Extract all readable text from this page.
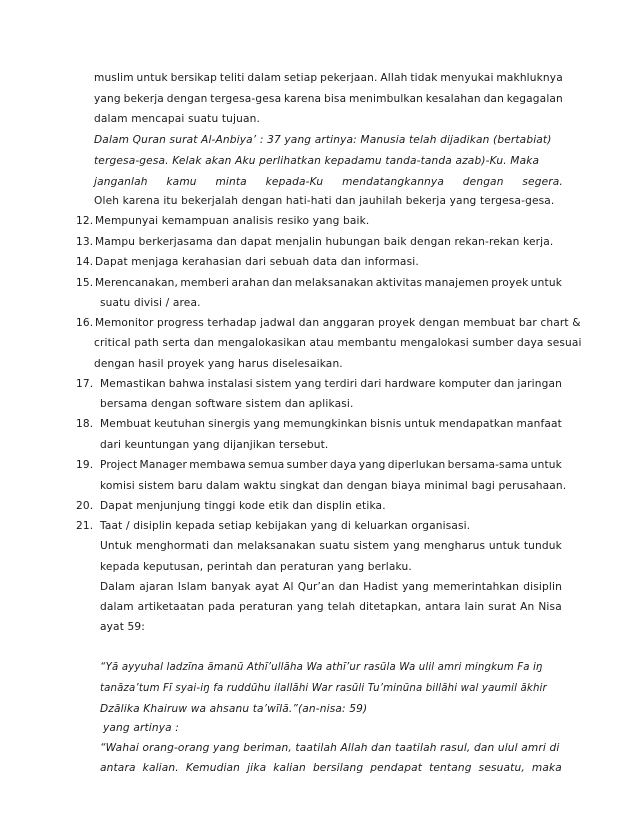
muslim untuk bersikap teliti dalam setiap pekerjaan. Allah tidak menyukai makhluknya
yang bekerja dengan tergesa-gesa karena bisa menimbulkan kesalahan dan kegagalan
dalam mencapai suatu tujuan.
Dalam Quran surat Al-Anbiya’ : 37 yang artinya: Manusia telah dijadikan (bertabiat)
tergesa-gesa. Kelak akan Aku perlihatkan kepadamu tanda-tanda azab)-Ku. Maka
janganlah kamu minta kepada-Ku mendatangkannya dengan segera.
Oleh karena itu bekerjalah dengan hati-hati dan jauhilah bekerja yang tergesa-gesa.
12. Mempunyai kemampuan analisis resiko yang baik.
13. Mampu berkerjasama dan dapat menjalin hubungan baik dengan rekan-rekan kerja.
14. Dapat menjaga kerahasian dari sebuah data dan informasi.
15. Merencanakan, memberi arahan dan melaksanakan aktivitas manajemen proyek untuk
suatu divisi / area.
16. Memonitor progress terhadap jadwal dan anggaran proyek dengan membuat bar chart &
critical path serta dan mengalokasikan atau membantu mengalokasi sumber daya sesuai
dengan hasil proyek yang harus diselesaikan.
17. Memastikan bahwa instalasi sistem yang terdiri dari hardware komputer dan jaringan
bersama dengan software sistem dan aplikasi.
18. Membuat keutuhan sinergis yang memungkinkan bisnis untuk mendapatkan manfaat
dari keuntungan yang dijanjikan tersebut.
19. Project Manager membawa semua sumber daya yang diperlukan bersama-sama untuk
komisi sistem baru dalam waktu singkat dan dengan biaya minimal bagi perusahaan.
20. Dapat menjunjung tinggi kode etik dan displin etika.
21. Taat / disiplin kepada setiap kebijakan yang di keluarkan organisasi.
Untuk menghormati dan melaksanakan suatu sistem yang mengharus untuk tunduk
kepada keputusan, perintah dan peraturan yang berlaku.
Dalam ajaran Islam banyak ayat Al Qur’an dan Hadist yang memerintahkan disiplin
dalam artiketaatan pada peraturan yang telah ditetapkan, antara lain surat An Nisa
ayat 59:
“Yā ayyuhal ladzīna āmanū Athī’ullāha Wa athī’ur rasūla Wa ulil amri mingkum Fa iŋ
tanāza’tum Fī syai-iŋ fa ruddūhu ilallāhi War rasūli Tu’minūna billāhi wal yaumil ākhir
Dzālika Khairuw wa ahsanu ta’wīlā.”(an-nisa: 59)
yang artinya :
“Wahai orang-orang yang beriman, taatilah Allah dan taatilah rasul, dan ulul amri di
antara kalian. Kemudian jika kalian bersilang pendapat tentang sesuatu, maka
